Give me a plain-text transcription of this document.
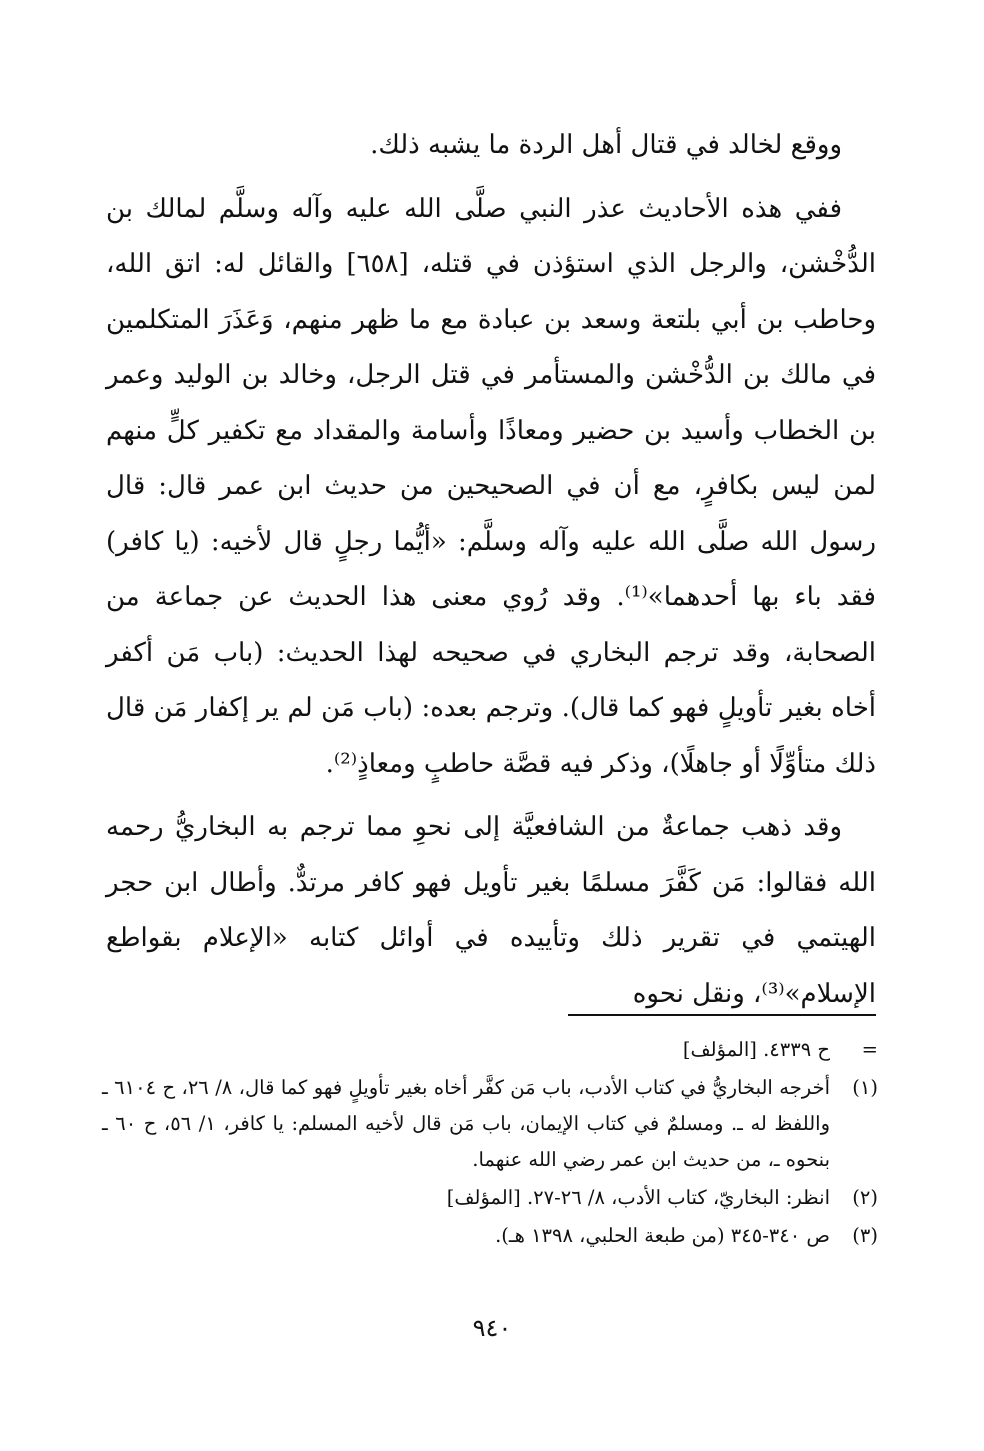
ووقع لخالد في قتال أهل الردة ما يشبه ذلك.

ففي هذه الأحاديث عذر النبي صلَّى الله عليه وآله وسلَّم لمالك بن الدُّخْشن، والرجل الذي استؤذن في قتله، [٦٥٨] والقائل له: اتق الله، وحاطب بن أبي بلتعة وسعد بن عبادة مع ما ظهر منهم، وَعَذَرَ المتكلمين في مالك بن الدُّخْشن والمستأمر في قتل الرجل، وخالد بن الوليد وعمر بن الخطاب وأسيد بن حضير ومعاذًا وأسامة والمقداد مع تكفير كلٍّ منهم لمن ليس بكافرٍ، مع أن في الصحيحين من حديث ابن عمر قال: قال رسول الله صلَّى الله عليه وآله وسلَّم: «أيُّما رجلٍ قال لأخيه: (يا كافر) فقد باء بها أحدهما»⁽¹⁾. وقد رُوي معنى هذا الحديث عن جماعة من الصحابة، وقد ترجم البخاري في صحيحه لهذا الحديث: (باب مَن أكفر أخاه بغير تأويلٍ فهو كما قال). وترجم بعده: (باب مَن لم ير إكفار مَن قال ذلك متأوِّلًا أو جاهلًا)، وذكر فيه قصَّة حاطبٍ ومعاذٍ⁽²⁾.

وقد ذهب جماعةٌ من الشافعيَّة إلى نحوِ مما ترجم به البخاريُّ رحمه الله فقالوا: مَن كَفَّرَ مسلمًا بغير تأويل فهو كافر مرتدٌّ. وأطال ابن حجر الهيتمي في تقرير ذلك وتأييده في أوائل كتابه «الإعلام بقواطع الإسلام»⁽³⁾، ونقل نحوه

=
ح ٤٣٣٩. [المؤلف]
(١)
أخرجه البخاريُّ في كتاب الأدب، باب مَن كفَّر أخاه بغير تأويلٍ فهو كما قال، ٨/ ٢٦، ح ٦١٠٤ ـ واللفظ له ـ. ومسلمٌ في كتاب الإيمان، باب مَن قال لأخيه المسلم: يا كافر، ١/ ٥٦، ح ٦٠ ـ بنحوه ـ، من حديث ابن عمر رضي الله عنهما.
(٢)
انظر: البخاريّ، كتاب الأدب، ٨/ ٢٦-٢٧. [المؤلف]
(٣)
ص ٣٤٠-٣٤٥ (من طبعة الحلبي، ١٣٩٨ هـ).
٩٤٠
